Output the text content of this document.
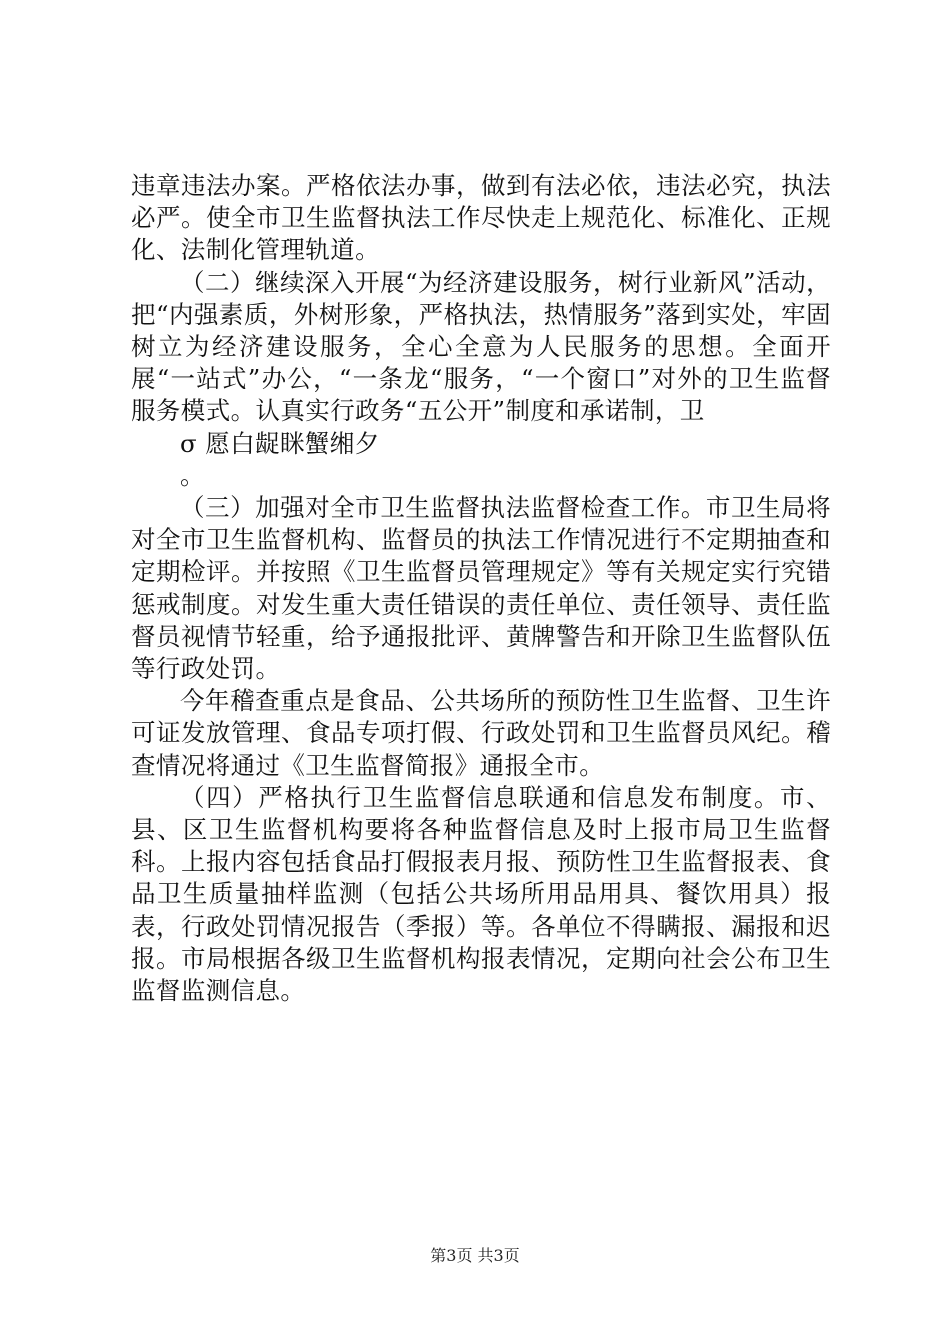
违章违法办案。严格依法办事，做到有法必依，违法必究，执法必严。使全市卫生监督执法工作尽快走上规范化、标准化、正规化、法制化管理轨道。

（二）继续深入开展“为经济建设服务，树行业新风”活动，把“内强素质，外树形象，严格执法，热情服务”落到实处，牢固树立为经济建设服务，全心全意为人民服务的思想。全面开展“一站式”办公，“一条龙“服务，“一个窗口”对外的卫生监督服务模式。认真实行政务“五公开”制度和承诺制，卫

σ 愿白龊眯蟹缃夕

。

（三）加强对全市卫生监督执法监督检查工作。市卫生局将对全市卫生监督机构、监督员的执法工作情况进行不定期抽查和定期检评。并按照《卫生监督员管理规定》等有关规定实行究错惩戒制度。对发生重大责任错误的责任单位、责任领导、责任监督员视情节轻重，给予通报批评、黄牌警告和开除卫生监督队伍等行政处罚。

今年稽查重点是食品、公共场所的预防性卫生监督、卫生许可证发放管理、食品专项打假、行政处罚和卫生监督员风纪。稽查情况将通过《卫生监督简报》通报全市。

（四）严格执行卫生监督信息联通和信息发布制度。市、县、区卫生监督机构要将各种监督信息及时上报市局卫生监督科。上报内容包括食品打假报表月报、预防性卫生监督报表、食品卫生质量抽样监测（包括公共场所用品用具、餐饮用具）报表，行政处罚情况报告（季报）等。各单位不得瞒报、漏报和迟报。市局根据各级卫生监督机构报表情况，定期向社会公布卫生监督监测信息。

第3页 共3页
